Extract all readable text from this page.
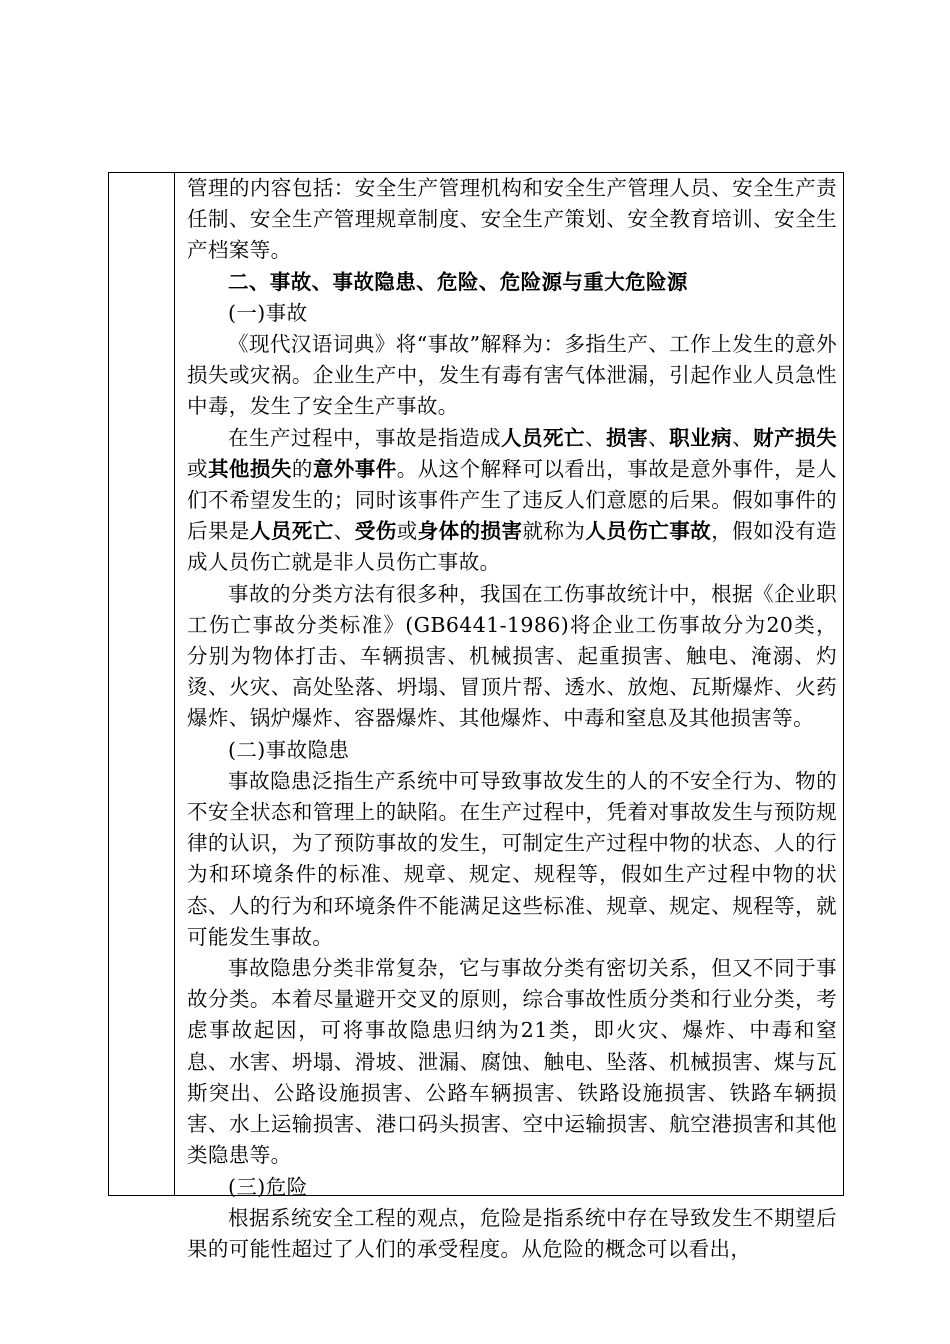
管理的内容包括：安全生产管理机构和安全生产管理人员、安全生产责任制、安全生产管理规章制度、安全生产策划、安全教育培训、安全生产档案等。

二、事故、事故隐患、危险、危险源与重大危险源

(一)事故

《现代汉语词典》将“事故”解释为：多指生产、工作上发生的意外损失或灾祸。企业生产中，发生有毒有害气体泄漏，引起作业人员急性中毒，发生了安全生产事故。

在生产过程中，事故是指造成人员死亡、损害、职业病、财产损失或其他损失的意外事件。从这个解释可以看出，事故是意外事件，是人们不希望发生的；同时该事件产生了违反人们意愿的后果。假如事件的后果是人员死亡、受伤或身体的损害就称为人员伤亡事故，假如没有造成人员伤亡就是非人员伤亡事故。

事故的分类方法有很多种，我国在工伤事故统计中，根据《企业职工伤亡事故分类标准》(GB6441-1986)将企业工伤事故分为20类，分别为物体打击、车辆损害、机械损害、起重损害、触电、淹溺、灼烫、火灾、高处坠落、坍塌、冒顶片帮、透水、放炮、瓦斯爆炸、火药爆炸、锅炉爆炸、容器爆炸、其他爆炸、中毒和窒息及其他损害等。

(二)事故隐患

事故隐患泛指生产系统中可导致事故发生的人的不安全行为、物的不安全状态和管理上的缺陷。在生产过程中，凭着对事故发生与预防规律的认识，为了预防事故的发生，可制定生产过程中物的状态、人的行为和环境条件的标准、规章、规定、规程等，假如生产过程中物的状态、人的行为和环境条件不能满足这些标准、规章、规定、规程等，就可能发生事故。

事故隐患分类非常复杂，它与事故分类有密切关系，但又不同于事故分类。本着尽量避开交叉的原则，综合事故性质分类和行业分类，考虑事故起因，可将事故隐患归纳为21类，即火灾、爆炸、中毒和窒息、水害、坍塌、滑坡、泄漏、腐蚀、触电、坠落、机械损害、煤与瓦斯突出、公路设施损害、公路车辆损害、铁路设施损害、铁路车辆损害、水上运输损害、港口码头损害、空中运输损害、航空港损害和其他类隐患等。

(三)危险

根据系统安全工程的观点，危险是指系统中存在导致发生不期望后果的可能性超过了人们的承受程度。从危险的概念可以看出，
